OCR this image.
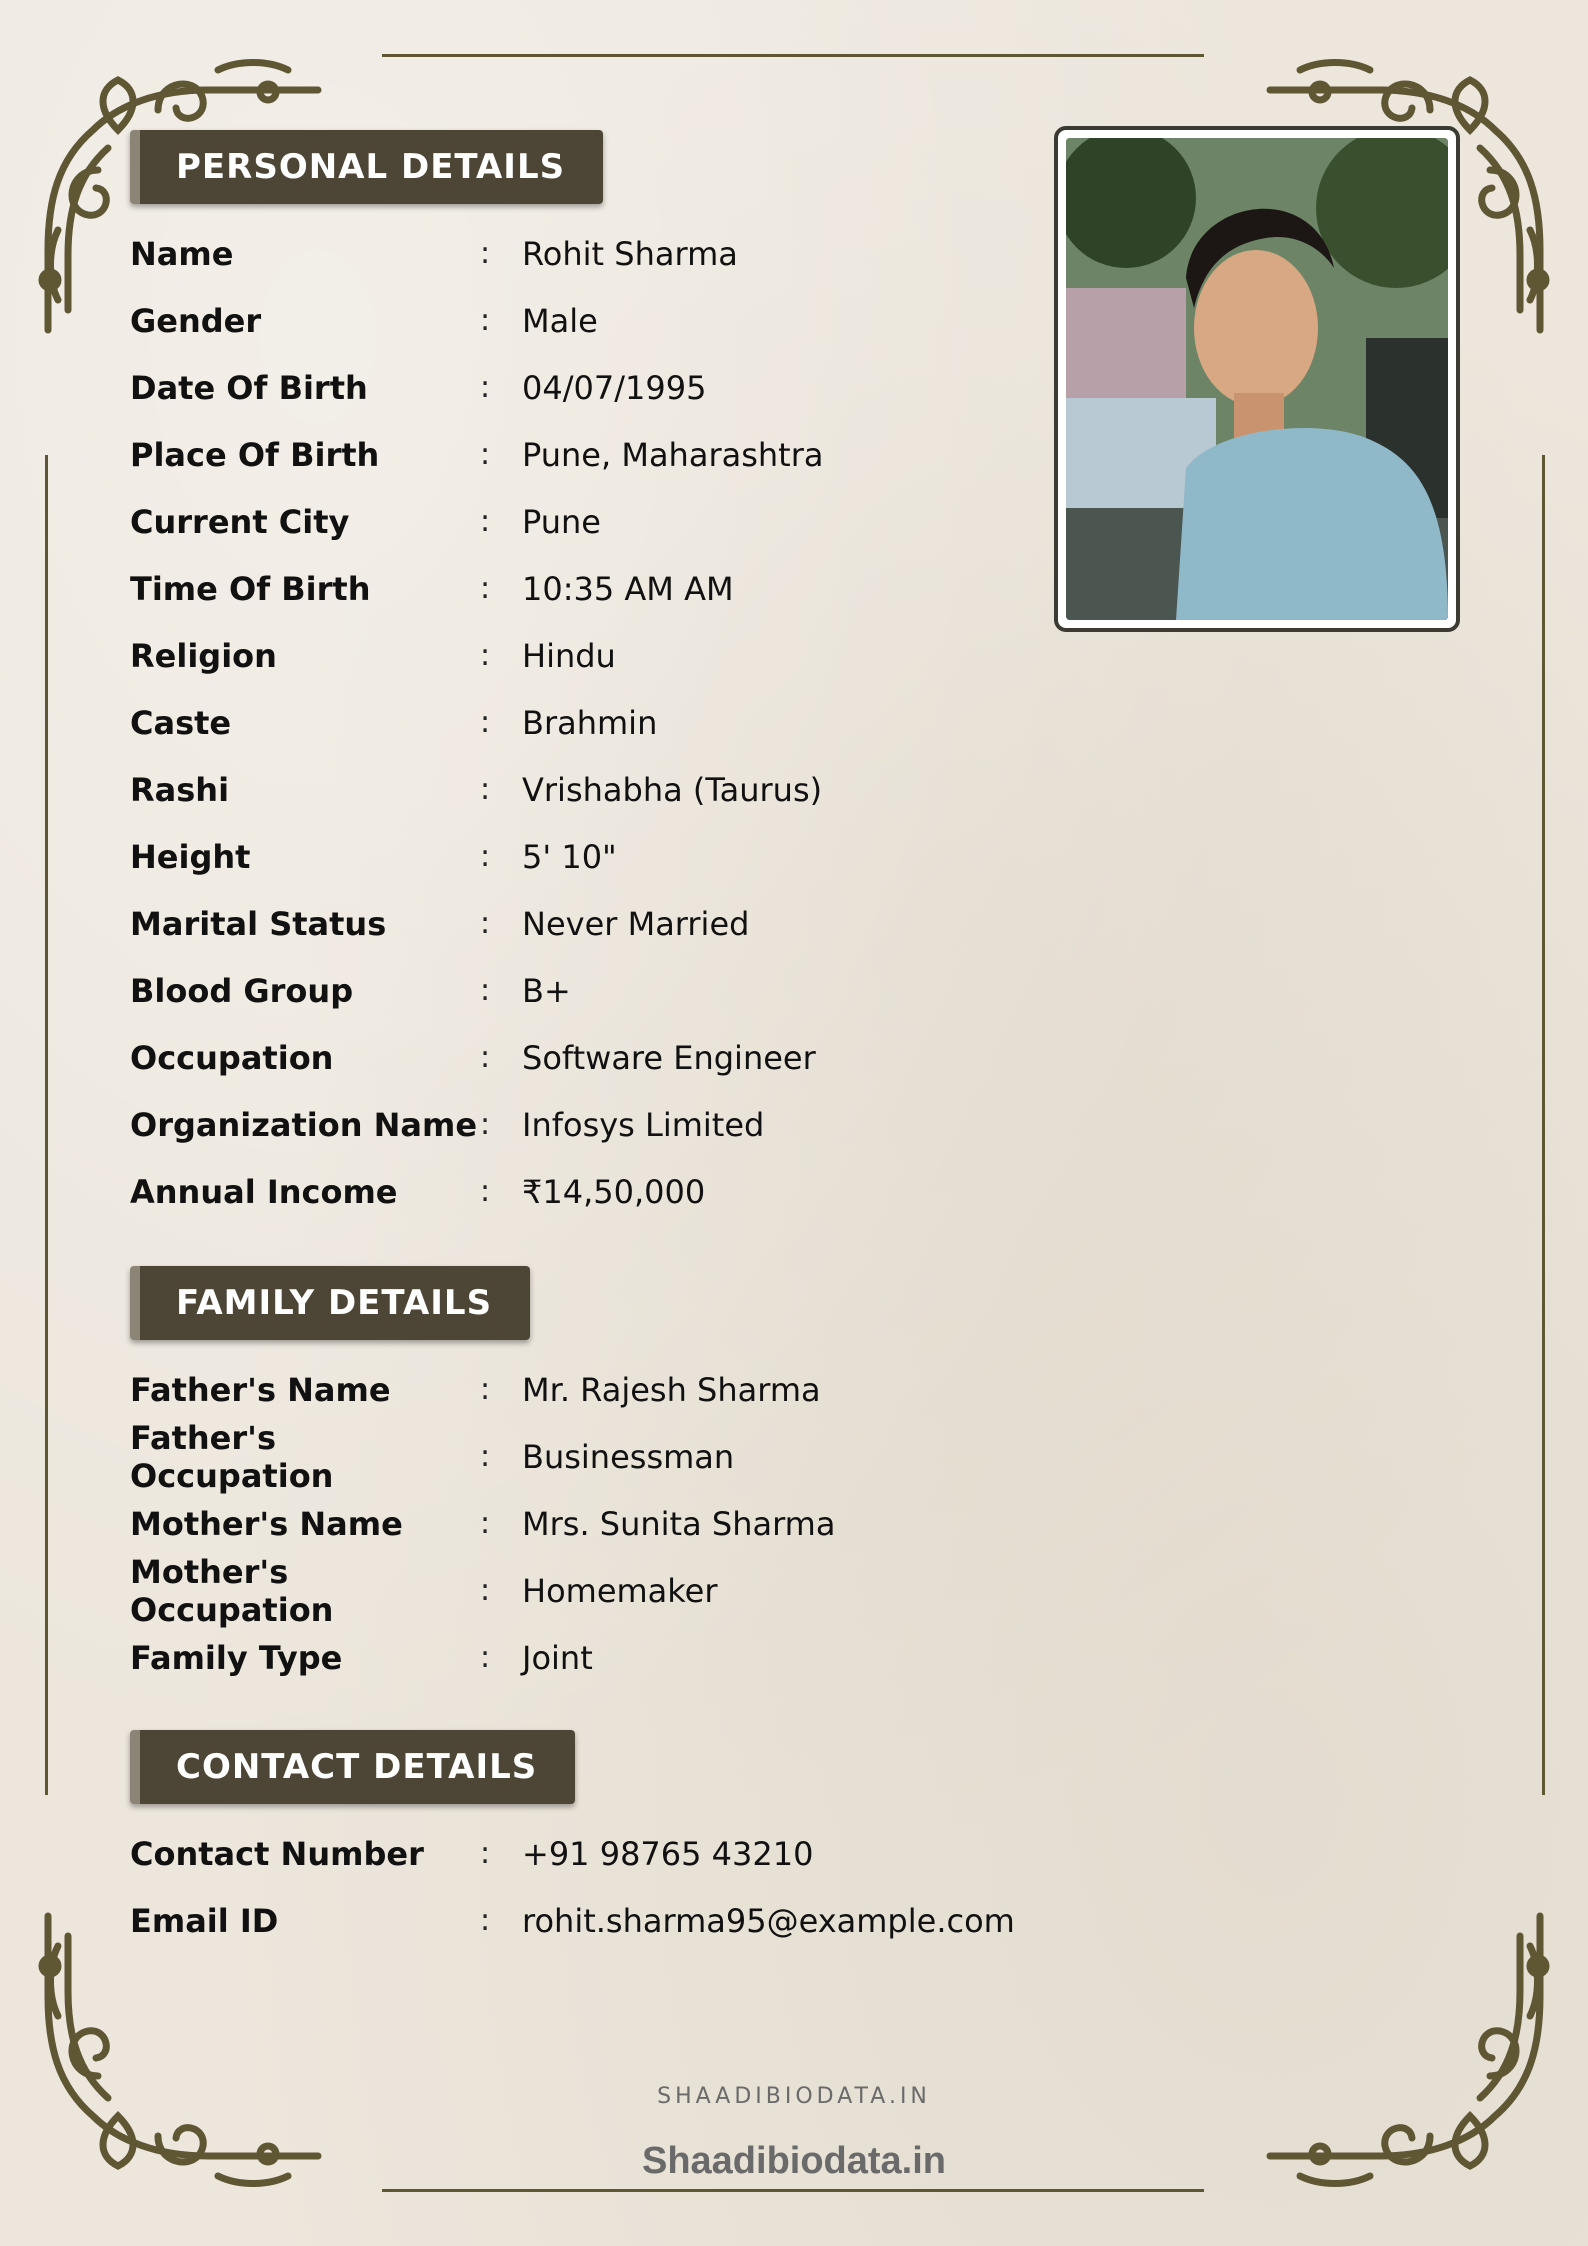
PERSONAL DETAILS
Name	: Rohit Sharma
Gender	: Male
Date Of Birth	: 04/07/1995
Place Of Birth	: Pune, Maharashtra
Current City	: Pune
Time Of Birth	: 10:35 AM AM
Religion	: Hindu
Caste	: Brahmin
Rashi	: Vrishabha (Taurus)
Height	: 5' 10"
Marital Status	: Never Married
Blood Group	: B+
Occupation	: Software Engineer
Organization Name : Infosys Limited
Annual Income	: ₹14,50,000
FAMILY DETAILS
Father's Name	: Mr. Rajesh Sharma
Father's Occupation	: Businessman
Mother's Name	: Mrs. Sunita Sharma
Mother's Occupation	: Homemaker
Family Type	: Joint
CONTACT DETAILS
Contact Number	: +91 98765 43210
Email ID	: rohit.sharma95@example.com
SHAADIBIODATA.IN
Shaadibiodata.in
